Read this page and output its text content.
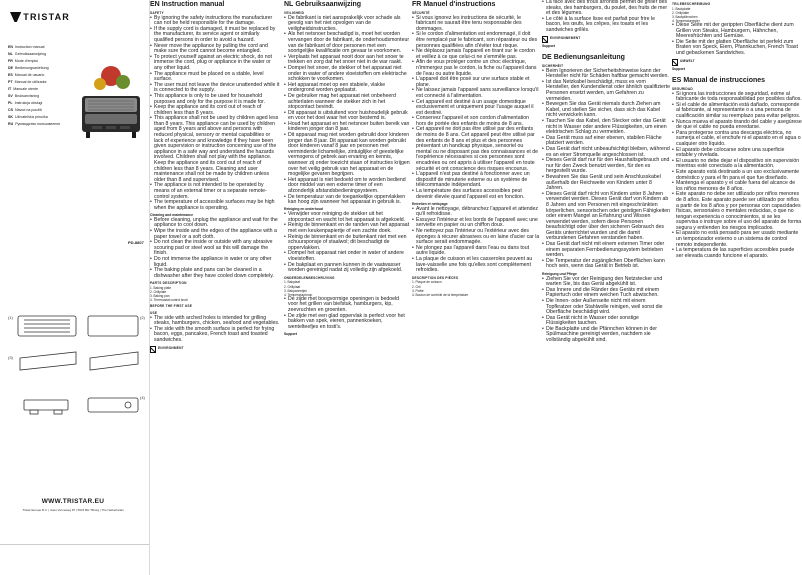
TRISTAR
EN Instruction manual
NL Gebruiksaanwijzing
FR Mode d'emploi
DE Bedienungsanleitung
ES Manual de usuario
PT Manual de utilizador
IT Manuale utente
SV Bruksanvisning
PL Instrukcja obsługi
CS Návod na použití
SK Užívateľská príručka
RU Руководство пользователя
PD-8807
(1)	(2)
(3)
(4)
WWW.TRISTAR.EU
Tristar Europe B.V. | Jules Verneweg 87 | 5015 BH Tilburg | The Netherlands
EN Instruction manual
SAFETY
• By ignoring the safety instructions the manufacturer can not be held responsible for the damage.
• If the supply cord is damaged, it must be replaced by the manufacturer, its service agent or similarly qualified persons in order to avoid a hazard.
• Never move the appliance by pulling the cord and make sure the cord cannot become entangled.
• To protect yourself against an electric shock, do not immerse the cord, plug or appliance in the water or any other liquid.
• The appliance must be placed on a stable, level surface.
• The user must not leave the device unattended while it is connected to the supply.
• This appliance is only to be used for household purposes and only for the purpose it is made for.
• Keep the appliance and its cord out of reach of children less than 8 years.
• This appliance shall not be used by children aged less than 8 years. This appliance can be used by children aged from 8 years and above and persons with reduced physical, sensory or mental capabilities or lack of experience and knowledge if they have been given supervision or instruction concerning use of the appliance in a safe way and understand the hazards involved. Children shall not play with the appliance. Keep the appliance and its cord out of reach of children less than 8 years. Cleaning and user maintenance shall not be made by children unless older than 8 and supervised.
• The appliance is not intended to be operated by means of an external timer or a separate remote-control system.
• The temperature of accessible surfaces may be high when the appliance is operating.
Cleaning and maintenance
• Before cleaning, unplug the appliance and wait for the appliance to cool down.
• Wipe the inside and the edges of the appliance with a paper towel or a soft cloth.
• Do not clean the inside or outside with any abrasive scouring pad or steel wool as this will damage the finish.
• Do not immerse the appliance in water or any other liquid.
• The baking plate and pans can be cleaned in a dishwasher after they have cooled down completely.
PARTS DESCRIPTION
1. Baking plate
2. Grillplate
3. Baking pan
4. Thermostat control knob
BEFORE THE FIRST USE
USE
• The side with arched holes is intended for grilling steaks, hamburgers, chicken, seafood and vegetables.
• The side with the smooth surface is perfect for frying bacon, eggs, pancakes, French toast and toasted sandwiches.
ENVIRONMENT
NL Gebruiksaanwijzing
VEILIGHEID
• De fabrikant is niet aansprakelijk voor schade als gevolg van het niet opvolgen van de veiligheidsinstructies.
• Als het netsnoer beschadigd is, moet het worden vervangen door de fabrikant, de onderhoudsmonteur van de fabrikant of door personen met een soortgelijke kwalificatie om gevaar te voorkomen.
• Verplaats het apparaat nooit door aan het snoer te trekken en zorg dat het snoer niet in de war raakt.
• Dompel het snoer, de stekker of het apparaat niet onder in water of andere vloeistoffen om elektrische schokken te voorkomen.
• Het apparaat moet op een stabiele, vlakke ondergrond worden geplaatst.
• De gebruiker mag het apparaat niet onbeheerd achterlaten wanneer de stekker zich in het stopcontact bevindt.
• Dit apparaat is uitsluitend voor huishoudelijk gebruik en voor het doel waar het voor bestemd is.
• Houd het apparaat en het netsnoer buiten bereik van kinderen jonger dan 8 jaar.
• Dit apparaat mag niet worden gebruikt door kinderen jonger dan 8 jaar. Dit apparaat kan worden gebruikt door kinderen vanaf 8 jaar en personen met verminderde lichamelijke, zintuiglijke of geestelijke vermogens of gebrek aan ervaring en kennis, wanneer zij onder toezicht staan of instructies krijgen over het veilig gebruik van het apparaat en de mogelijke gevaren begrijpen.
• Het apparaat is niet bedoeld om te worden bediend door middel van een externe timer of een afzonderlijk afstandsbedieningsysteem.
• De temperatuur van de toegankelijke oppervlakken kan hoog zijn wanneer het apparaat in gebruik is.
Reiniging en onderhoud
• Verwijder voor reiniging de stekker uit het stopcontact en wacht tot het apparaat is afgekoeld.
• Reinig de binnenkant en de randen van het apparaat met een keukenpapiertje of een zachte doek.
• Reinig de binnenkant en de buitenkant niet met een schuursponsje of staalwol; dit beschadigt de oppervlakken.
• Dompel het apparaat niet onder in water of andere vloeistoffen.
• De bakplaat en pannen kunnen in de vaatwasser worden gereinigd nadat zij volledig zijn afgekoeld.
ONDERDELENBESCHRIJVING
1. Bakplaat
2. Grillplaat
3. Bakpannetjes
4. Temperatuurknop
• De zijde met boogvormige openingen is bedoeld voor het grillen van biefstuk, hamburgers, kip, zeevruchten en groenten.
• De zijde met een glad oppervlak is perfect voor het bakken van spek, eieren, pannenkoeken, wentelteefjes en tosti's.
Support
FR Manuel d'instructions
SÉCURITÉ
• Si vous ignorez les instructions de sécurité, le fabricant ne saurait être tenu responsable des dommages.
• Si le cordon d'alimentation est endommagé, il doit être remplacé par le fabricant, son réparateur ou des personnes qualifiées afin d'éviter tout risque.
• Ne déplacez jamais l'appareil en tirant sur le cordon et veillez à ce que celui-ci ne s'emmêle pas.
• Afin de vous protéger contre un choc électrique, n'immergez pas le cordon, la fiche ou l'appareil dans de l'eau ou autre liquide.
• L'appareil doit être posé sur une surface stable et plane.
• Ne laissez jamais l'appareil sans surveillance lorsqu'il est connecté à l'alimentation.
• Cet appareil est destiné à un usage domestique exclusivement et uniquement pour l'usage auquel il est destiné.
• Conservez l'appareil et son cordon d'alimentation hors de portée des enfants de moins de 8 ans.
• Cet appareil ne doit pas être utilisé par des enfants de moins de 8 ans. Cet appareil peut être utilisé par des enfants de 8 ans et plus et des personnes présentant un handicap physique, sensoriel ou mental ou ne disposant pas des connaissances et de l'expérience nécessaires si ces personnes sont encadrées ou ont appris à utiliser l'appareil en toute sécurité et ont conscience des risques encourus.
• L'appareil n'est pas destiné à fonctionner avec un dispositif de minuterie externe ou un système de télécommande indépendant.
• La température des surfaces accessibles peut devenir élevée quand l'appareil est en fonction.
Entretien et nettoyage
• Avant le nettoyage, débranchez l'appareil et attendez qu'il refroidisse.
• Essuyez l'intérieur et les bords de l'appareil avec une serviette en papier ou un chiffon doux.
• Ne nettoyez pas l'intérieur ou l'extérieur avec des éponges à récurer abrasives ou en laine d'acier car la surface serait endommagée.
• Ne plongez pas l'appareil dans l'eau ou dans tout autre liquide.
• La plaque de cuisson et les casseroles peuvent au lave-vaisselle une fois qu'elles sont complètement refroidies.
DESCRIPTION DES PIÈCES
1. Plaque de cuisson
2. Gril
3. Poêle
4. Bouton de contrôle de la température
• La face avec des trous arrondis permet de griller des steaks, des hamburgers, du poulet, des fruits de mer et des légumes.
• Le côté à la surface lisse est parfait pour frire le bacon, les œufs, les crêpes, les toasts et les sandwiches grillés.
ENVIRONNEMENT
Support
DE Bedienungsanleitung
SICHERHEIT
• Beim Ignorieren der Sicherheitshinweise kann der Hersteller nicht für Schäden haftbar gemacht werden.
• Ist das Netzkabel beschädigt, muss es vom Hersteller, den Kundendienst oder ähnlich qualifizierte Personen ersetzt werden, um Gefahren zu vermeiden.
• Bewegen Sie das Gerät niemals durch Ziehen am Kabel, und stellen Sie sicher, dass sich das Kabel nicht verwickeln kann.
• Tauchen Sie das Kabel, den Stecker oder das Gerät nicht in Wasser oder andere Flüssigkeiten, um einen elektrischen Schlag zu vermeiden.
• Das Gerät muss auf einer ebenen, stabilen Fläche platziert werden.
• Das Gerät darf nicht unbeaufsichtigt bleiben, während es an einer Stromquelle angeschlossen ist.
• Dieses Gerät darf nur für den Haushaltsgebrauch und nur für den Zweck benutzt werden, für den es hergestellt wurde.
• Bewahren Sie das Gerät und sein Anschlusskabel außerhalb der Reichweite von Kindern unter 8 Jahren.
• Dieses Gerät darf nicht von Kindern unter 8 Jahren verwendet werden. Dieses Gerät darf von Kindern ab 8 Jahren und von Personen mit eingeschränkten körperlichen, sensorischen oder geistigen Fähigkeiten oder einem Mangel an Erfahrung und Wissen verwendet werden, sofern diese Personen beaufsichtigt oder über den sicheren Gebrauch des Geräts unterrichtet wurden und die damit verbundenen Gefahren verstanden haben.
• Das Gerät darf nicht mit einem externen Timer oder einem separaten Fernbedienungssystem betrieben werden.
• Die Temperatur der zugänglichen Oberflächen kann hoch sein, wenn das Gerät in Betrieb ist.
Reinigung und Pflege
• Ziehen Sie vor der Reinigung den Netzstecker und warten Sie, bis das Gerät abgekühlt ist.
• Das Innere und die Ränder des Geräts mit einem Papiertuch oder einem weichen Tuch abwischen.
• Die Innen- oder Außenseite nicht mit einem Topfkratzer oder Stahlwolle reinigen, weil sonst die Oberfläche beschädigt wird.
• Das Gerät nicht in Wasser oder sonstige Flüssigkeiten tauchen.
• Die Backplatte und die Pfännchen können in der Spülmaschine gereinigt werden, nachdem sie vollständig abgekühlt sind.
TEILEBESCHREIBUNG
1. Backplatte
2. Grillplatte
3. Backpfännchen
4. Temperaturregler
• Diese Seite mit der gerippten Oberfläche dient zum Grillen von Steaks, Hamburgern, Hähnchen, Meeresfrüchten und Gemüse.
• Die Seite mit der glatten Oberfläche ist perfekt zum Braten von Speck, Eiern, Pfannkuchen, French Toast und gebackenen Sandwiches.
UMWELT
Support
ES Manual de instrucciones
SEGURIDAD
• Si ignora las instrucciones de seguridad, exime al fabricante de toda responsabilidad por posibles daños.
• Si el cable de alimentación está dañado, corresponde al fabricante, al representante o a una persona de cualificación similar su reemplazo para evitar peligros.
• Nunca mueva el aparato tirando del cable y asegúrese de que el cable no pueda enredarse.
• Para protegerse contra una descarga eléctrica, no sumerja el cable, el enchufe ni el aparato en el agua o cualquier otro líquido.
• El aparato debe colocarse sobre una superficie estable y nivelada.
• El usuario no debe dejar el dispositivo sin supervisión mientras esté conectado a la alimentación.
• Este aparato está destinado a un uso exclusivamente doméstico y para el fin para el que fue diseñado.
• Mantenga el aparato y el cable fuera del alcance de los niños menores de 8 años.
• Este aparato no debe ser utilizado por niños menores de 8 años. Este aparato puede ser utilizado por niños a partir de los 8 años y por personas con capacidades físicas, sensoriales o mentales reducidas, o que no tengan experiencia o conocimientos, si se les supervisa o instruye sobre el uso del aparato de forma segura y entienden los riesgos implicados.
• El aparato no está pensado para ser usado mediante un temporizador externo o un sistema de control remoto independiente.
• La temperatura de las superficies accesibles puede ser elevada cuando funcione el aparato.
